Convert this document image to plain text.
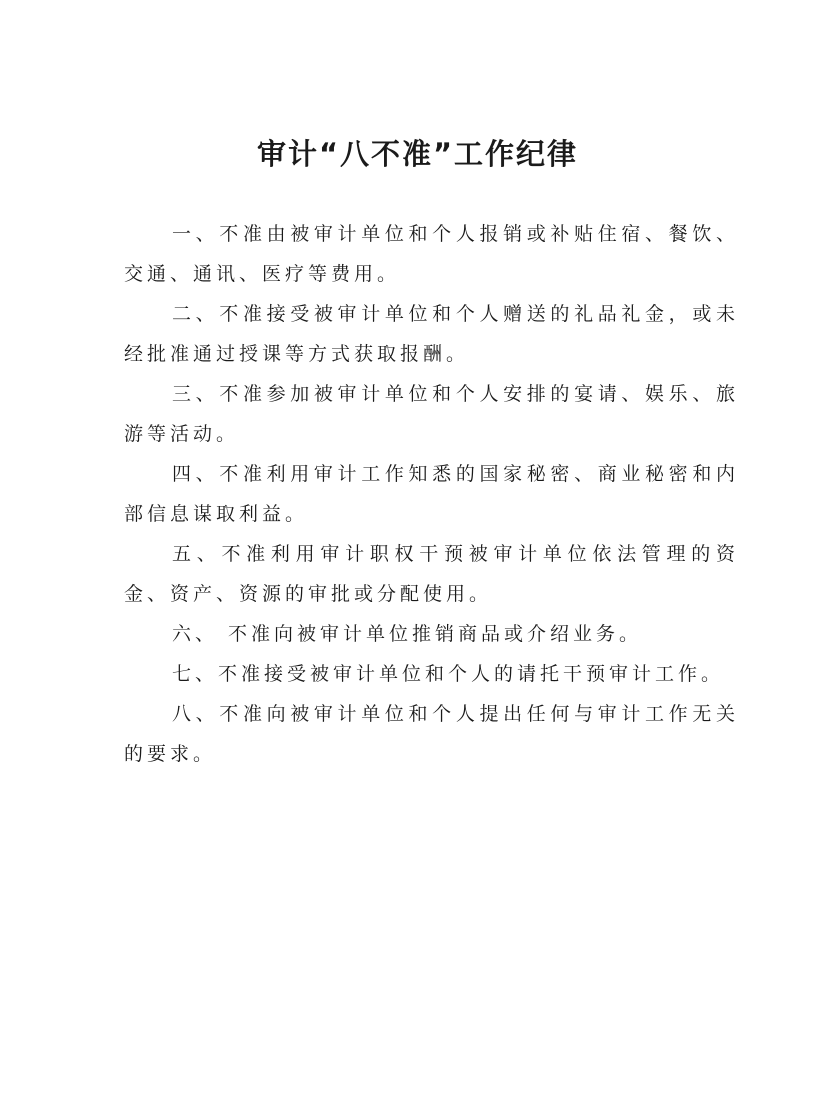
审计“八不准”工作纪律

一、不准由被审计单位和个人报销或补贴住宿、餐饮、交通、通讯、医疗等费用。

二、不准接受被审计单位和个人赠送的礼品礼金，或未经批准通过授课等方式获取报酬。

三、不准参加被审计单位和个人安排的宴请、娱乐、旅游等活动。

四、不准利用审计工作知悉的国家秘密、商业秘密和内部信息谋取利益。

五、不准利用审计职权干预被审计单位依法管理的资金、资产、资源的审批或分配使用。

六、 不准向被审计单位推销商品或介绍业务。

七、不准接受被审计单位和个人的请托干预审计工作。

八、不准向被审计单位和个人提出任何与审计工作无关的要求。
